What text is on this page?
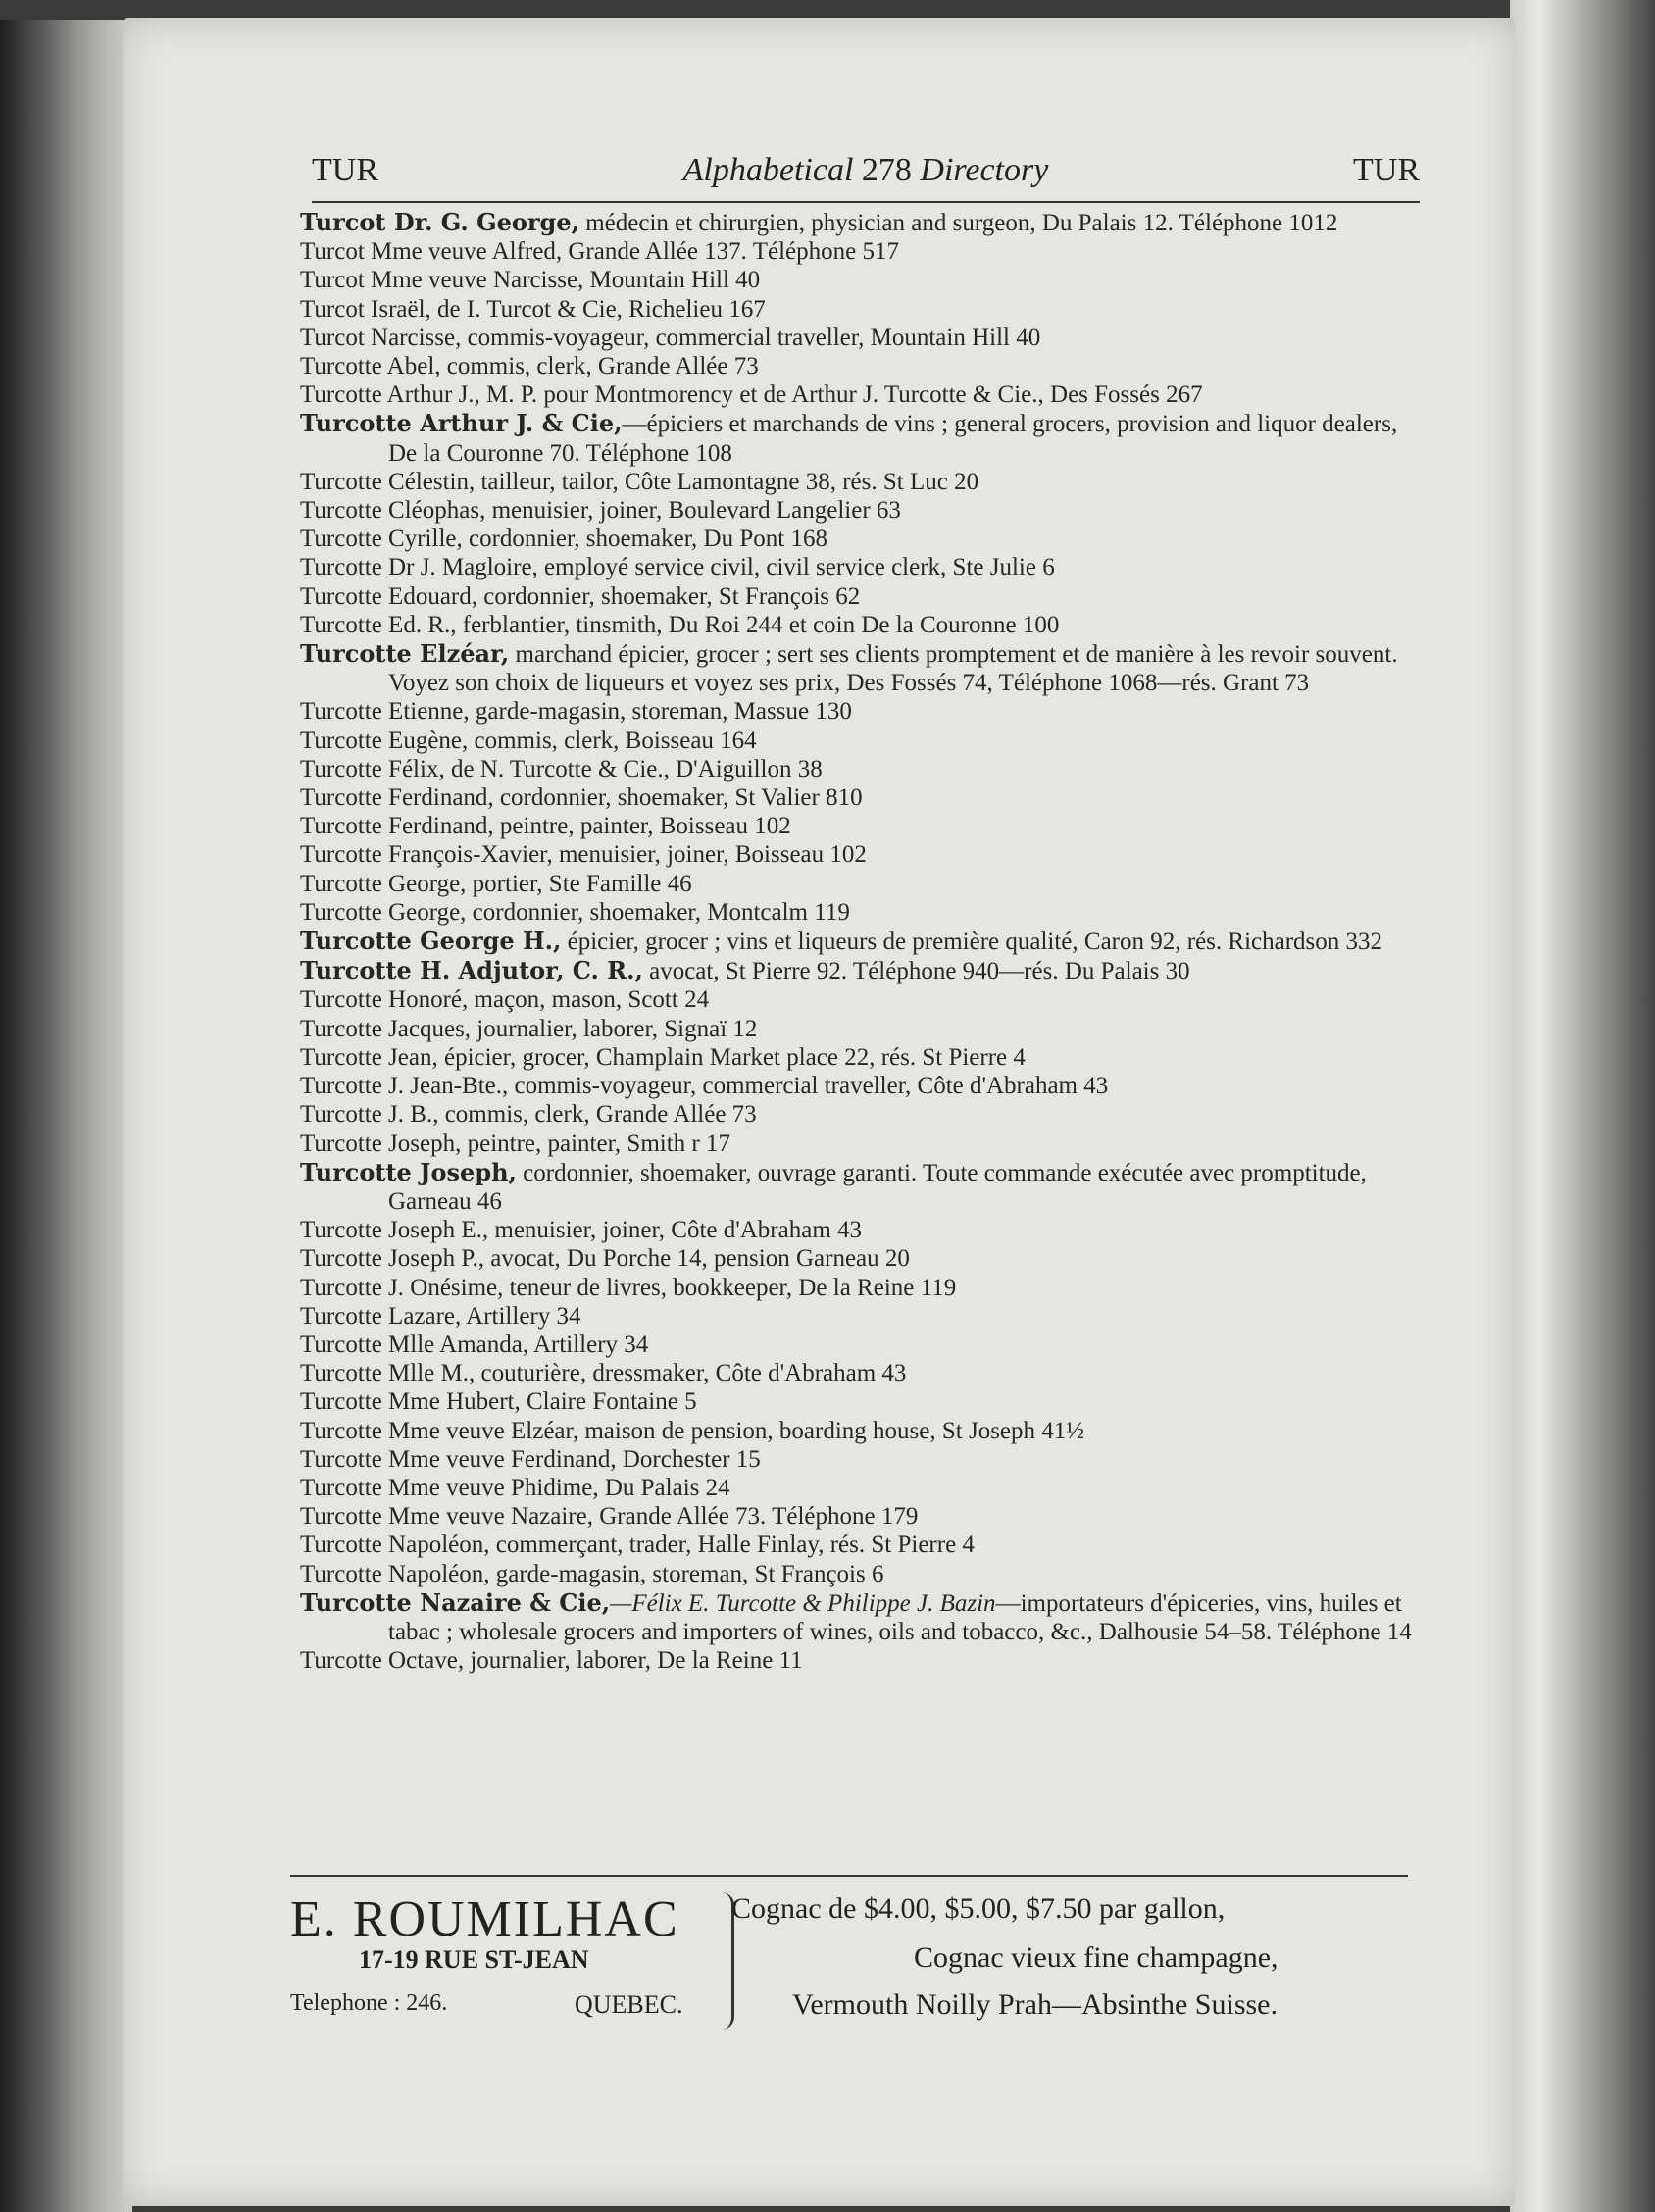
TUR	Alphabetical 278 Directory	TUR
Turcot Dr. G. George, médecin et chirurgien, physician and surgeon, Du Palais 12. Téléphone 1012
Turcot Mme veuve Alfred, Grande Allée 137. Téléphone 517
Turcot Mme veuve Narcisse, Mountain Hill 40
Turcot Israël, de I. Turcot & Cie, Richelieu 167
Turcot Narcisse, commis-voyageur, commercial traveller, Mountain Hill 40
Turcotte Abel, commis, clerk, Grande Allée 73
Turcotte Arthur J., M. P. pour Montmorency et de Arthur J. Turcotte & Cie., Des Fossés 267
Turcotte Arthur J. & Cie,—épiciers et marchands de vins ; general grocers, provision and liquor dealers, De la Couronne 70. Téléphone 108
Turcotte Célestin, tailleur, tailor, Côte Lamontagne 38, rés. St Luc 20
Turcotte Cléophas, menuisier, joiner, Boulevard Langelier 63
Turcotte Cyrille, cordonnier, shoemaker, Du Pont 168
Turcotte Dr J. Magloire, employé service civil, civil service clerk, Ste Julie 6
Turcotte Edouard, cordonnier, shoemaker, St François 62
Turcotte Ed. R., ferblantier, tinsmith, Du Roi 244 et coin De la Couronne 100
Turcotte Elzéar, marchand épicier, grocer ; sert ses clients promptement et de manière à les revoir souvent. Voyez son choix de liqueurs et voyez ses prix, Des Fossés 74, Téléphone 1068—rés. Grant 73
Turcotte Etienne, garde-magasin, storeman, Massue 130
Turcotte Eugène, commis, clerk, Boisseau 164
Turcotte Félix, de N. Turcotte & Cie., D'Aiguillon 38
Turcotte Ferdinand, cordonnier, shoemaker, St Valier 810
Turcotte Ferdinand, peintre, painter, Boisseau 102
Turcotte François-Xavier, menuisier, joiner, Boisseau 102
Turcotte George, portier, Ste Famille 46
Turcotte George, cordonnier, shoemaker, Montcalm 119
Turcotte George H., épicier, grocer ; vins et liqueurs de première qualité, Caron 92, rés. Richardson 332
Turcotte H. Adjutor, C. R., avocat, St Pierre 92. Téléphone 940—rés. Du Palais 30
Turcotte Honoré, maçon, mason, Scott 24
Turcotte Jacques, journalier, laborer, Signaï 12
Turcotte Jean, épicier, grocer, Champlain Market place 22, rés. St Pierre 4
Turcotte J. Jean-Bte., commis-voyageur, commercial traveller, Côte d'Abraham 43
Turcotte J. B., commis, clerk, Grande Allée 73
Turcotte Joseph, peintre, painter, Smith r 17
Turcotte Joseph, cordonnier, shoemaker, ouvrage garanti. Toute commande exécutée avec promptitude, Garneau 46
Turcotte Joseph E., menuisier, joiner, Côte d'Abraham 43
Turcotte Joseph P., avocat, Du Porche 14, pension Garneau 20
Turcotte J. Onésime, teneur de livres, bookkeeper, De la Reine 119
Turcotte Lazare, Artillery 34
Turcotte Mlle Amanda, Artillery 34
Turcotte Mlle M., couturière, dressmaker, Côte d'Abraham 43
Turcotte Mme Hubert, Claire Fontaine 5
Turcotte Mme veuve Elzéar, maison de pension, boarding house, St Joseph 41½
Turcotte Mme veuve Ferdinand, Dorchester 15
Turcotte Mme veuve Phidime, Du Palais 24
Turcotte Mme veuve Nazaire, Grande Allée 73. Téléphone 179
Turcotte Napoléon, commerçant, trader, Halle Finlay, rés. St Pierre 4
Turcotte Napoléon, garde-magasin, storeman, St François 6
Turcotte Nazaire & Cie,—Félix E. Turcotte & Philippe J. Bazin—importateurs d'épiceries, vins, huiles et tabac ; wholesale grocers and importers of wines, oils and tobacco, &c., Dalhousie 54–58. Téléphone 14
Turcotte Octave, journalier, laborer, De la Reine 11
E. ROUMILHAC
17-19 RUE ST-JEAN
Telephone : 246.	QUEBEC.
Cognac de $4.00, $5.00, $7.50 par gallon,
Cognac vieux fine champagne,
Vermouth Noilly Prah—Absinthe Suisse.
